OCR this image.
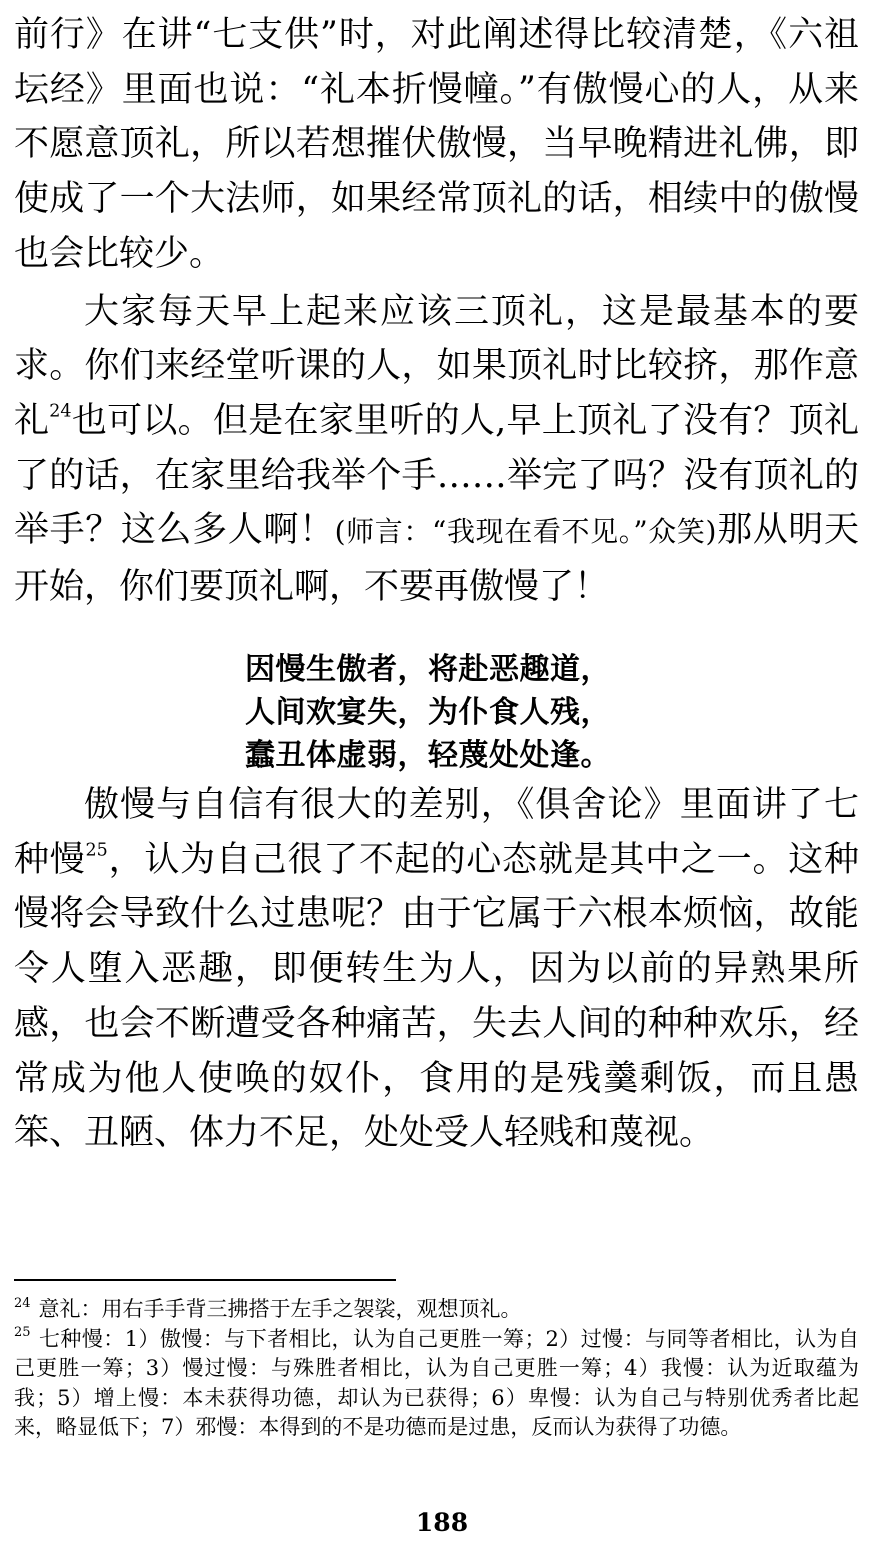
前行》在讲“七支供”时，对此阐述得比较清楚，《六祖坛经》里面也说：“礼本折慢幢。”有傲慢心的人，从来不愿意顶礼，所以若想摧伏傲慢，当早晚精进礼佛，即使成了一个大法师，如果经常顶礼的话，相续中的傲慢也会比较少。

大家每天早上起来应该三顶礼，这是最基本的要求。你们来经堂听课的人，如果顶礼时比较挤，那作意礼$^{24}$也可以。但是在家里听的人,早上顶礼了没有？顶礼了的话，在家里给我举个手……举完了吗？没有顶礼的举手？这么多人啊！(师言：“我现在看不见。”众笑)那从明天开始，你们要顶礼啊，不要再傲慢了！

因慢生傲者，将赴恶趣道，
人间欢宴失，为仆食人残，
蠢丑体虚弱，轻蔑处处逢。

傲慢与自信有很大的差别，《俱舍论》里面讲了七种慢$^{25}$，认为自己很了不起的心态就是其中之一。这种慢将会导致什么过患呢？由于它属于六根本烦恼，故能令人堕入恶趣，即便转生为人，因为以前的异熟果所感，也会不断遭受各种痛苦，失去人间的种种欢乐，经常成为他人使唤的奴仆，食用的是残羹剩饭，而且愚笨、丑陋、体力不足，处处受人轻贱和蔑视。

$^{24}$ 意礼：用右手手背三拂搭于左手之袈裟，观想顶礼。

$^{25}$ 七种慢：1）傲慢：与下者相比，认为自己更胜一筹；2）过慢：与同等者相比，认为自己更胜一筹；3）慢过慢：与殊胜者相比，认为自己更胜一筹；4）我慢：认为近取蕴为我；5）增上慢：本未获得功德，却认为已获得；6）卑慢：认为自己与特别优秀者比起来，略显低下；7）邪慢：本得到的不是功德而是过患，反而认为获得了功德。

188
